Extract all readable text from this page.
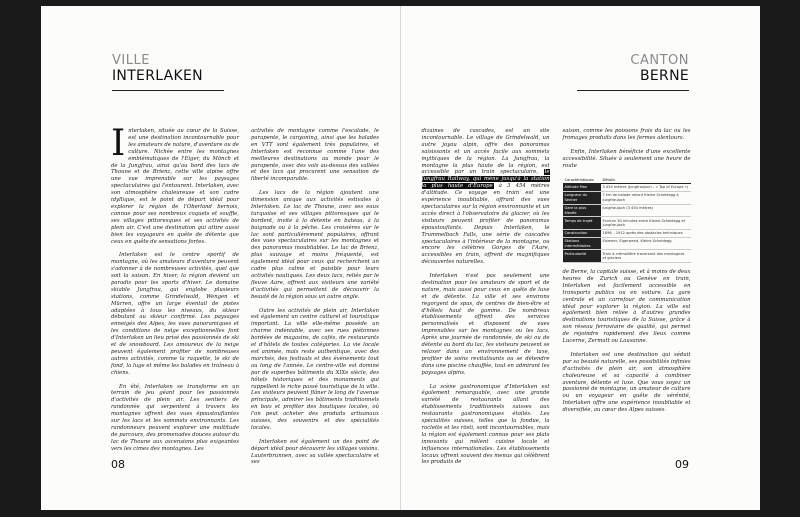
VILLE
INTERLAKEN

Interlaken, située au cœur de la Suisse, est une destination incontournable pour les amateurs de nature, d'aventure ou de culture. Nichée entre les montagnes emblématiques de l'Eiger, du Mönch et de la Jungfrau, ainsi qu'au bord des lacs de Thoune et de Brienz, cette ville alpine offre une vue imprenable sur les paysages spectaculaires qui l'entourent. Interlaken, avec son atmosphère chaleureuse et son cadre idyllique, est le point de départ idéal pour explorer la région de l'Oberland bernois, connue pour ses nombreux coquets et souffle, ses villages pittoresques et ses activités de plein air. C'est une destination qui attire aussi bien les voyageurs en quête de détente que ceux en quête de sensations fortes.

Interlaken est le centre sportif de montagne, où les amateurs d'aventure peuvent s'adonner à de nombreuses activités, quel que soit la saison. En hiver, la région devient un paradis pour les sports d'hiver. Le domaine skiable Jungfrau, qui englobe plusieurs stations, comme Grindelwald, Wengen et Mürren, offre un large éventail de pistes adaptées à tous les niveaux, du skieur débutant au skieur confirmé. Les paysages enneigés des Alpes, les vues panoramiques et les conditions de neige exceptionnelles font d'Interlaken un lieu prisé des passionnés de ski et de snowboard. Les amoureux de la neige peuvent également profiter de nombreuses autres activités, comme la raquette, le ski de fond, la luge et même les balades en traîneau à chiens.

En été, Interlaken se transforme en un terrain de jeu géant pour les passionnés d'activités de plein air. Les sentiers de randonnée qui serpentent à travers les montagnes offrent des vues époustouflantes sur les lacs et les sommets environnants. Les randonneurs peuvent explorer une multitude de parcours, des promenades douces autour du lac de Thoune aux ascensions plus exigeantes vers les cimes des montagnes. Les

activités de montagne comme l'escalade, le parapente, le canyoning, ainsi que les balades en VTT sont également très populaires, et Interlaken est reconnue comme l'une des meilleures destinations au monde pour le parapente, avec des vols au-dessus des vallées et des lacs qui procurent une sensation de liberté incomparable.

Les lacs de la région ajoutent une dimension unique aux activités estivales à Interlaken. Le lac de Thoune, avec ses eaux turquoise et ses villages pittoresques qui le bordent, invite à la détente en bateau, à la baignade ou à la pêche. Les croisières sur le lac sont particulièrement populaires, offrant des vues spectaculaires sur les montagnes et des panoramas inoubliables. Le lac de Brienz, plus sauvage et moins fréquenté, est également idéal pour ceux qui recherchent un cadre plus calme et paisible pour leurs activités nautiques. Les deux lacs, reliés par le fleuve Aare, offrent aux visiteurs une variété d'activités qui permettent de découvrir la beauté de la région sous un autre angle.

Outre les activités de plein air, Interlaken est également un centre culturel et touristique important. La ville elle-même possède un charme indéniable, avec ses rues piétonnes bordées de magasins, de cafés, de restaurants et d'hôtels de toutes catégories. La vie locale est animée, mais reste authentique, avec des marchés, des festivals et des événements tout au long de l'année. Le centre-ville est dominé par de superbes bâtiments du XIXe siècle, des hôtels historiques et des monuments qui rappellent le riche passé touristique de la ville. Les visiteurs peuvent flâner le long de l'avenue principale, admirer les bâtiments traditionnels en bois et profiter des boutiques locales, où l'on peut acheter des produits artisanaux suisses, des souvenirs et des spécialités locales.

Interlaken est également un des point de départ idéal pour découvrir les villages voisins. Lauterbrunnen, avec sa vallée spectaculaire et ses

08
CANTON
BERNE

dizaines de cascades, est un site incontournable. Le village de Grindelwald, un autre joyau alpin, offre des panoramas saisissants et un accès facile aux sommets mythiques de la région. La Jungfrau, la montagne la plus haute de la région, est accessible par un train spectaculaire, le Jungfrau Railway, qui mène jusqu'à la station la plus haute d'Europe à 3 454 mètres d'altitude. Ce voyage en train est une expérience inoubliable, offrant des vues spectaculaires sur la région environnante et un accès direct à l'observatoire du glacier, où les visiteurs peuvent profiter de panoramas époustouflants. Depuis Interlaken, le Trummelbach Falls, une série de cascades spectaculaires à l'intérieur de la montagne, ou encore les célèbres Gorges de l'Aare, accessibles en train, offrent de magnifiques découvertes naturelles.

Interlaken n'est pas seulement une destination pour les amateurs de sport et de nature, mais aussi pour ceux en quête de luxe et de détente. La ville et ses environs regorgent de spas, de centres de bien-être et d'hôtels haut de gamme. De nombreux établissements offrent des services personnalisés et disposent de vues imprenables sur les montagnes ou les lacs. Après une journée de randonnée, de ski ou de détente au bord du lac, les visiteurs peuvent se relaxer dans un environnement de luxe, profiter de soins revitalisants ou se détendre dans une piscine chauffée, tout en admirant les paysages alpins.

La scène gastronomique d'Interlaken est également remarquable, avec une grande variété de restaurants allant des établissements traditionnels suisses aux restaurants gastronomiques étoilés. Les spécialités suisses, telles que la fondue, la raclette et les rösti, sont incontournables, mais la région est également connue pour ses plats innovants qui mêlent cuisine locale et influences internationales. Les établissements locaux offrent souvent des menus qui célèbrent les produits de

saison, comme les poissons frais du lac ou les fromages produits dans les fermes alentours.

Enfin, Interlaken bénéficie d'une excellente accessibilité. Située à seulement une heure de route

Caractéristiques	Détails
Altitude Max	3 454 mètres (Jungfraujoch – « Top of Europe »)
Longueur du Sentier	7 km de balade reliant Kleine Scheidegg à Jungfraujoch
Gare la plus élevée	Jungfraujoch (3 454 mètres)
Temps de trajet	Environ 30 minutes entre Kleine Scheidegg et Jungfraujoch
Construction	1896 – 1912 après des obstacles techniques
Stations intermédiaires	Eismeer, Eigerwand, Kleine Scheidegg
Particularité	Train à crémaillère traversant des montagnes et glaciers

de Berne, la capitale suisse, et à moins de deux heures de Zurich ou Genève en train, Interlaken est facilement accessible en transports publics ou en voiture. La gare centrale et un carrefour de communication idéal pour explorer la région. La ville est également bien reliée à d'autres grandes destinations touristiques de la Suisse, grâce à son réseau ferroviaire de qualité, qui permet de rejoindre rapidement des lieux comme Lucerne, Zermatt ou Lausanne.

Interlaken est une destination qui séduit par sa beauté naturelle, ses possibilités infinies d'activités de plein air, son atmosphère chaleureuse et sa capacité à combiner aventure, détente et luxe. Que vous soyez un passionné de montagne, un amateur de culture ou un voyageur en quête de sérénité, Interlaken offre une expérience inoubliable et diversifiée, au cœur des Alpes suisses.

09
